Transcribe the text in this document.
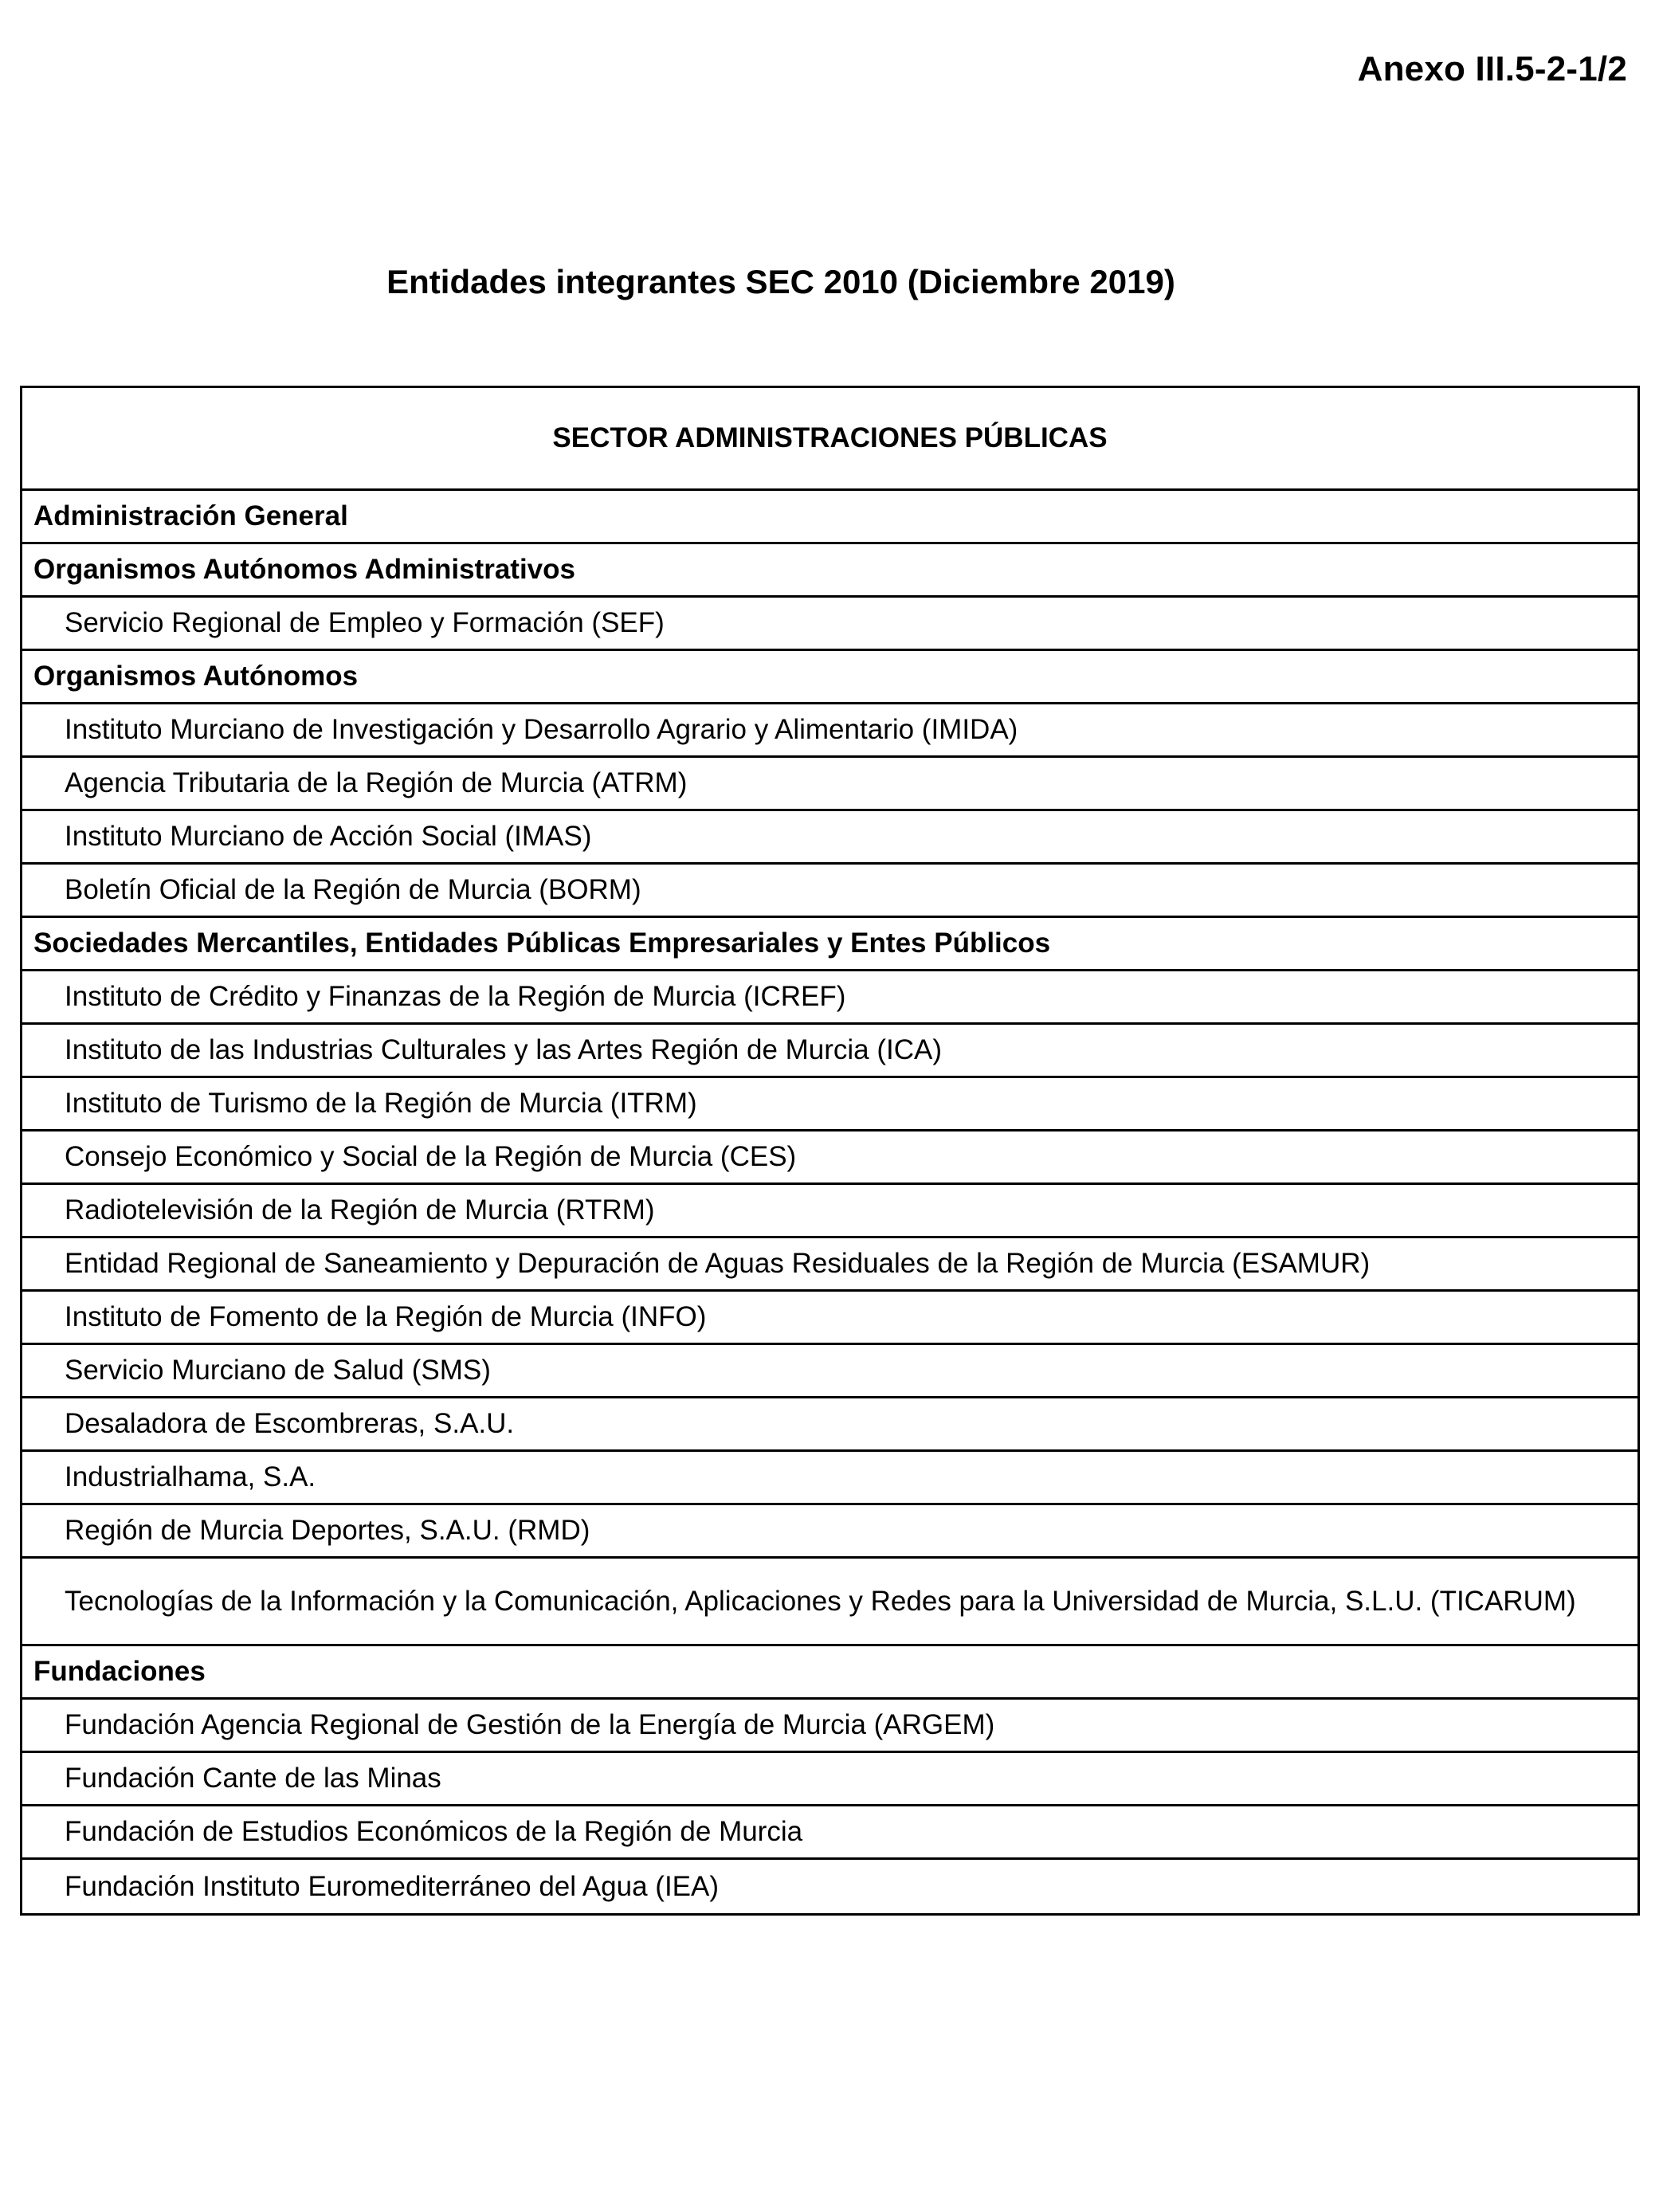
Anexo III.5-2-1/2
Entidades integrantes SEC 2010 (Diciembre 2019)
SECTOR ADMINISTRACIONES PÚBLICAS
Administración General
Organismos Autónomos Administrativos
Servicio Regional de Empleo y Formación (SEF)
Organismos Autónomos
Instituto Murciano de Investigación y Desarrollo Agrario y Alimentario (IMIDA)
Agencia Tributaria de la Región de Murcia (ATRM)
Instituto Murciano de Acción Social (IMAS)
Boletín Oficial de la Región de Murcia (BORM)
Sociedades Mercantiles, Entidades Públicas Empresariales y Entes Públicos
Instituto de Crédito y Finanzas de la Región de Murcia (ICREF)
Instituto de las Industrias Culturales y las Artes Región de Murcia (ICA)
Instituto de Turismo de la Región de Murcia (ITRM)
Consejo Económico y Social de la Región de Murcia (CES)
Radiotelevisión de la Región de Murcia (RTRM)
Entidad Regional de Saneamiento y Depuración de Aguas Residuales de la Región de Murcia (ESAMUR)
Instituto de Fomento de la Región de Murcia (INFO)
Servicio Murciano de Salud (SMS)
Desaladora de Escombreras, S.A.U.
Industrialhama, S.A.
Región de Murcia Deportes, S.A.U. (RMD)
Tecnologías de la Información y la Comunicación, Aplicaciones y Redes para la Universidad de Murcia, S.L.U. (TICARUM)
Fundaciones
Fundación Agencia Regional de Gestión de la Energía de Murcia (ARGEM)
Fundación Cante de las Minas
Fundación de Estudios Económicos de la Región de Murcia
Fundación Instituto Euromediterráneo del Agua (IEA)
